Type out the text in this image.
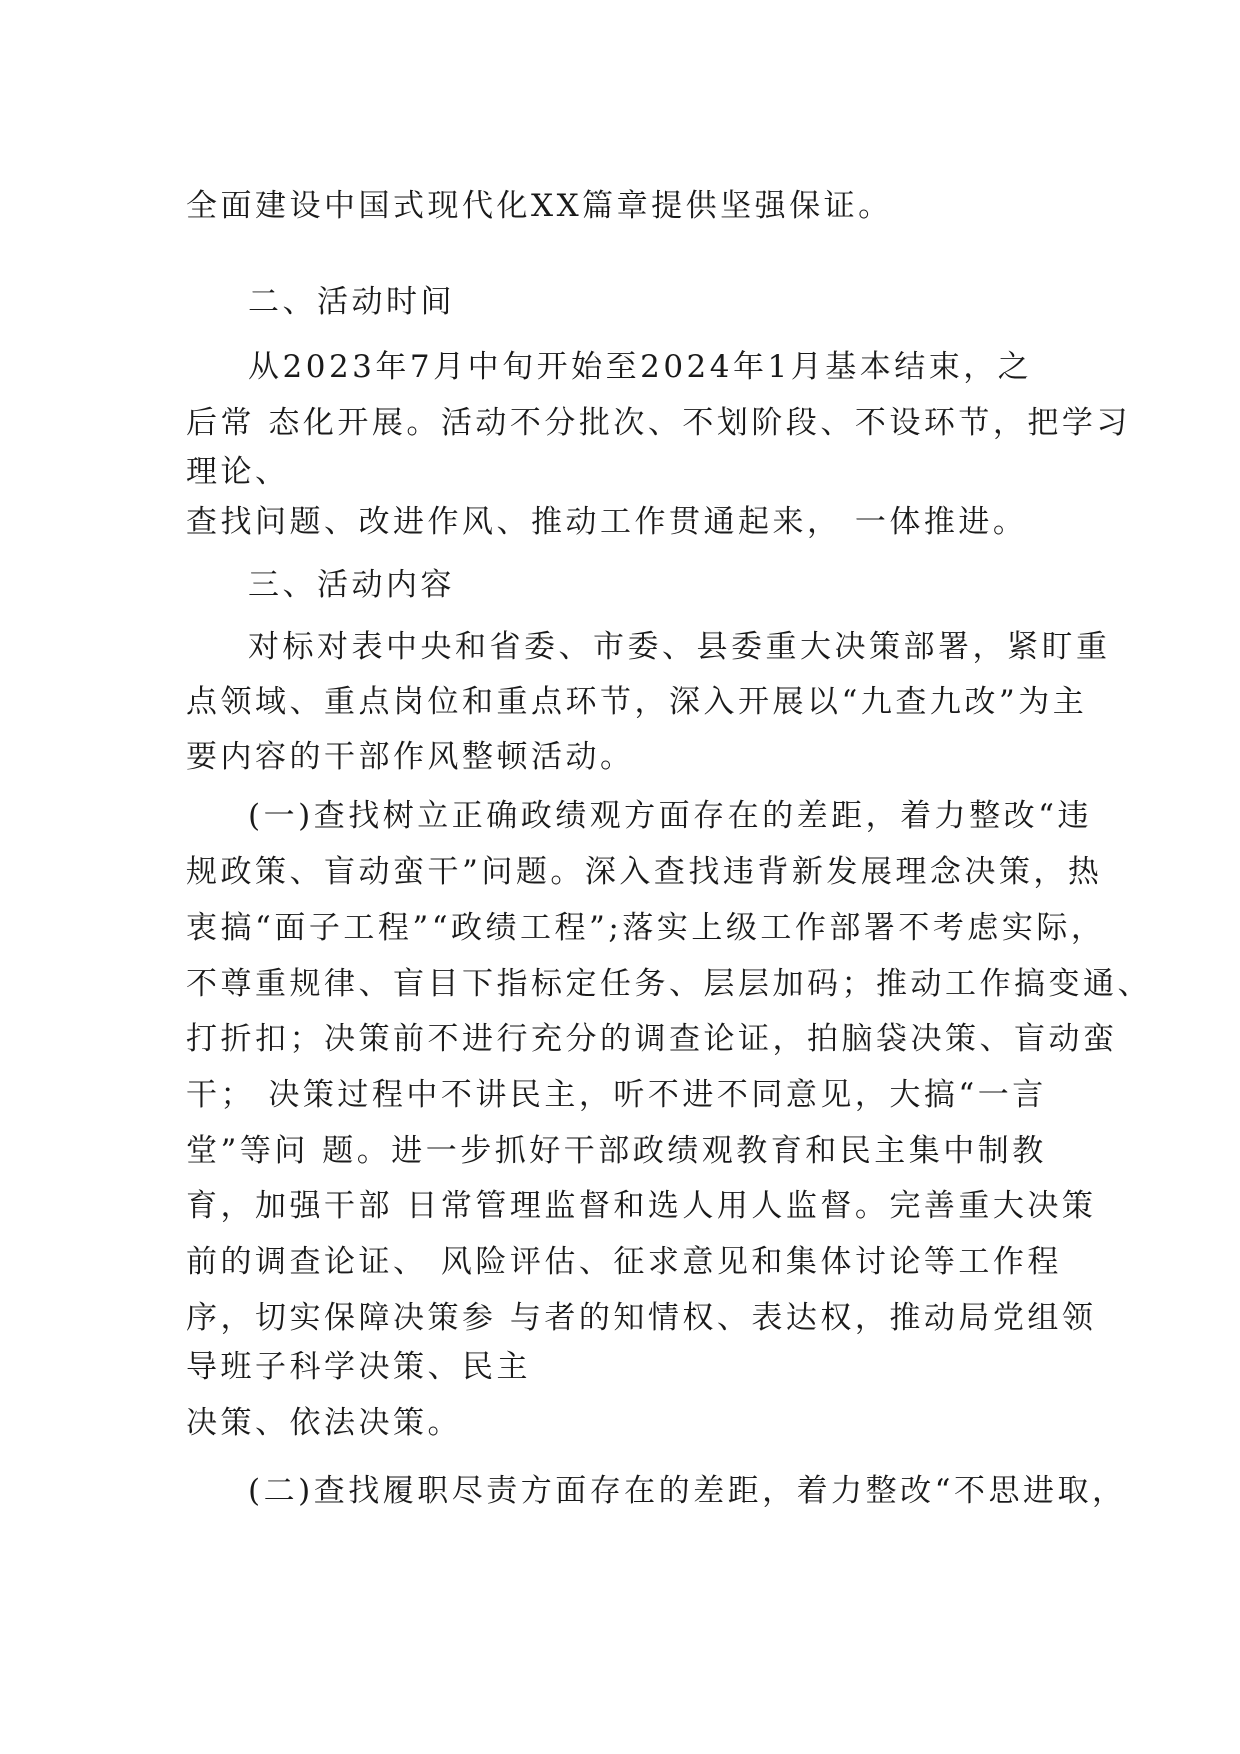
全面建设中国式现代化XX篇章提供坚强保证。
二、活动时间
从2023年7月中旬开始至2024年1月基本结束，之
后常 态化开展。活动不分批次、不划阶段、不设环节，把学习
理论、
查找问题、改进作风、推动工作贯通起来， 一体推进。
三、活动内容
对标对表中央和省委、市委、县委重大决策部署，紧盯重
点领域、重点岗位和重点环节，深入开展以“九查九改”为主
要内容的干部作风整顿活动。
(一)查找树立正确政绩观方面存在的差距，着力整改“违
规政策、盲动蛮干”问题。深入查找违背新发展理念决策，热
衷搞“面子工程”“政绩工程”;落实上级工作部署不考虑实际，
不尊重规律、盲目下指标定任务、层层加码；推动工作搞变通、
打折扣；决策前不进行充分的调查论证，拍脑袋决策、盲动蛮
干； 决策过程中不讲民主，听不进不同意见，大搞“一言
堂”等问 题。进一步抓好干部政绩观教育和民主集中制教
育，加强干部 日常管理监督和选人用人监督。完善重大决策
前的调查论证、 风险评估、征求意见和集体讨论等工作程
序，切实保障决策参 与者的知情权、表达权，推动局党组领
导班子科学决策、民主
决策、依法决策。
(二)查找履职尽责方面存在的差距，着力整改“不思进取，
